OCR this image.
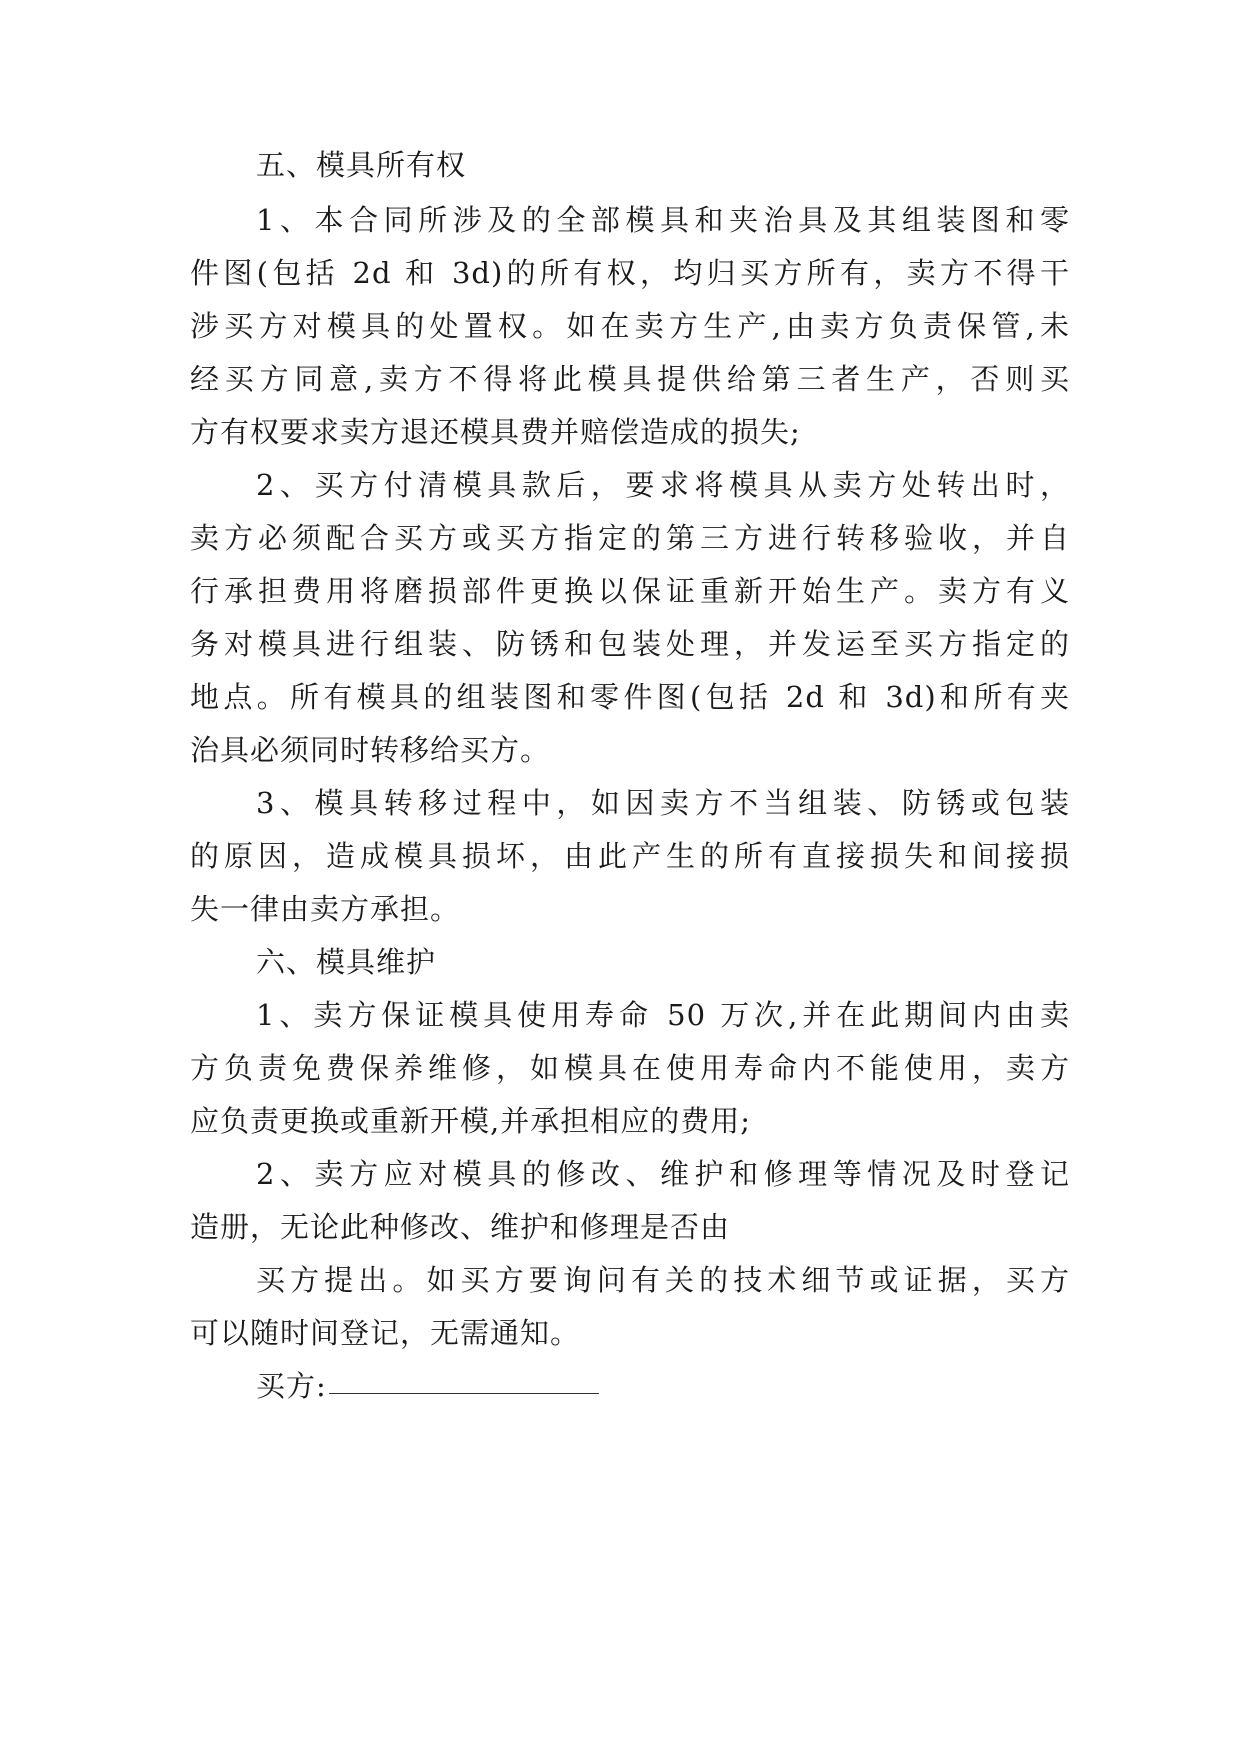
五、模具所有权
1、本合同所涉及的全部模具和夹治具及其组装图和零
件图(包括 2d 和 3d)的所有权，均归买方所有，卖方不得干
涉买方对模具的处置权。如在卖方生产,由卖方负责保管,未
经买方同意,卖方不得将此模具提供给第三者生产，否则买
方有权要求卖方退还模具费并赔偿造成的损失;
2、买方付清模具款后，要求将模具从卖方处转出时，
卖方必须配合买方或买方指定的第三方进行转移验收，并自
行承担费用将磨损部件更换以保证重新开始生产。卖方有义
务对模具进行组装、防锈和包装处理，并发运至买方指定的
地点。所有模具的组装图和零件图(包括 2d 和 3d)和所有夹
治具必须同时转移给买方。
3、模具转移过程中，如因卖方不当组装、防锈或包装
的原因，造成模具损坏，由此产生的所有直接损失和间接损
失一律由卖方承担。
六、模具维护
1、卖方保证模具使用寿命 50 万次,并在此期间内由卖
方负责免费保养维修，如模具在使用寿命内不能使用，卖方
应负责更换或重新开模,并承担相应的费用;
2、卖方应对模具的修改、维护和修理等情况及时登记
造册，无论此种修改、维护和修理是否由
买方提出。如买方要询问有关的技术细节或证据，买方
可以随时间登记，无需通知。
买方:
